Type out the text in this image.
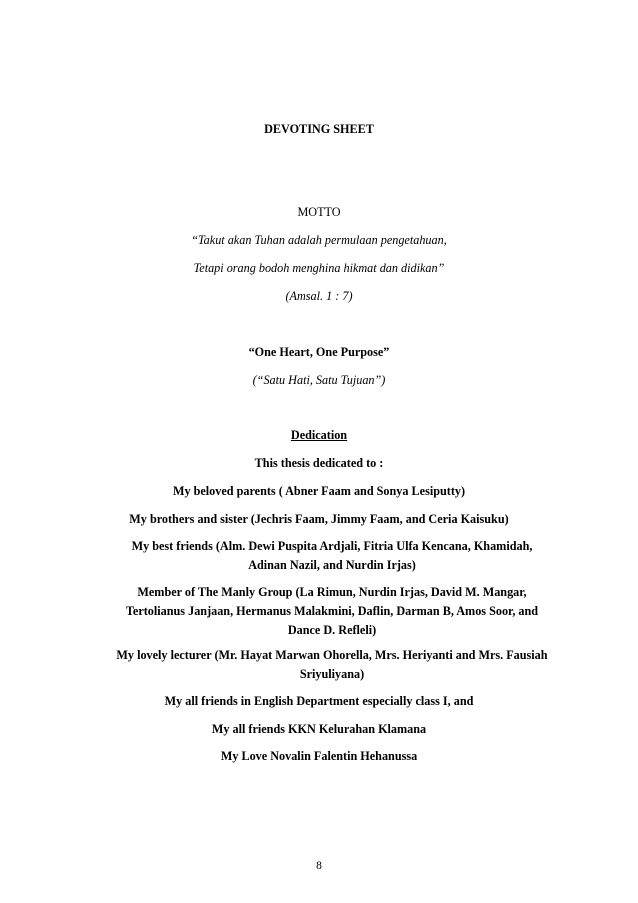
DEVOTING SHEET
MOTTO
“Takut akan Tuhan adalah permulaan pengetahuan,
Tetapi orang bodoh menghina hikmat dan didikan”
(Amsal. 1 : 7)
“One Heart, One Purpose”
(“Satu Hati, Satu Tujuan”)
Dedication
This thesis dedicated to :
My beloved parents ( Abner Faam and Sonya Lesiputty)
My brothers and sister (Jechris Faam, Jimmy Faam, and Ceria Kaisuku)
My best friends (Alm. Dewi Puspita Ardjali, Fitria Ulfa Kencana, Khamidah, Adinan Nazil, and Nurdin Irjas)
Member of The Manly Group (La Rimun, Nurdin Irjas, David M. Mangar, Tertolianus Janjaan, Hermanus Malakmini, Daflin, Darman B, Amos Soor, and Dance D. Refleli)
My lovely lecturer (Mr. Hayat Marwan Ohorella, Mrs. Heriyanti and Mrs. Fausiah Sriyuliyana)
My all friends in English Department especially class I, and
My all friends KKN Kelurahan Klamana
My Love Novalin Falentin Hehanussa
8
